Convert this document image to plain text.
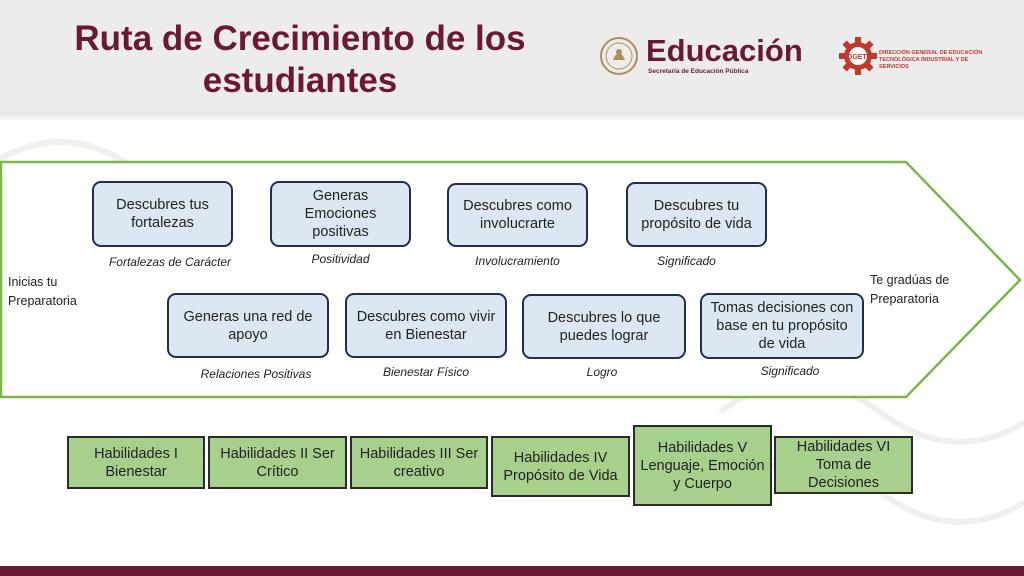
Ruta de Crecimiento de los estudiantes
Educación
Secretaría de Educación Pública
DGETI
DIRECCIÓN GENERAL DE EDUCACIÓN TECNOLÓGICA INDUSTRIAL Y DE SERVICIOS
Inicias tu Preparatoria
Te gradúas de Preparatoria
Descubres tus fortalezas
Fortalezas de Carácter
Generas Emociones positivas
Positividad
Descubres como involucrarte
Involucramiento
Descubres tu propósito de vida
Significado
Generas una red de apoyo
Relaciones Positivas
Descubres como vivir en Bienestar
Bienestar Físico
Descubres lo que puedes lograr
Logro
Tomas decisiones con base en tu propósito de vida
Significado
Habilidades I Bienestar
Habilidades II Ser Crítico
Habilidades III Ser creativo
Habilidades IV Propósito de Vida
Habilidades V Lenguaje, Emoción y Cuerpo
Habilidades VI Toma de Decisiones
